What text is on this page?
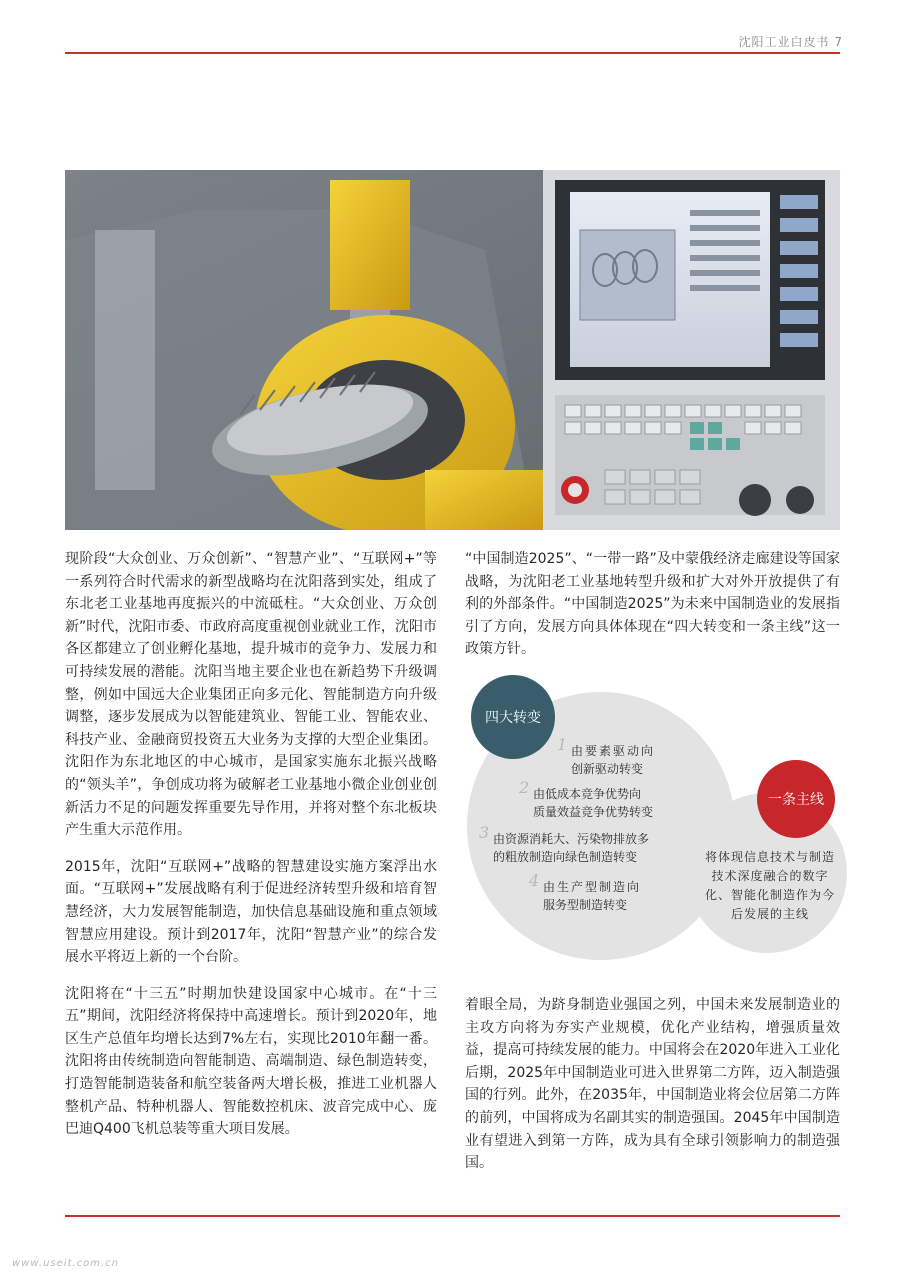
沈阳工业白皮书 7

现阶段“大众创业、万众创新”、“智慧产业”、“互联网+”等一系列符合时代需求的新型战略均在沈阳落到实处，组成了东北老工业基地再度振兴的中流砥柱。“大众创业、万众创新”时代，沈阳市委、市政府高度重视创业就业工作，沈阳市各区都建立了创业孵化基地，提升城市的竞争力、发展力和可持续发展的潜能。沈阳当地主要企业也在新趋势下升级调整，例如中国远大企业集团正向多元化、智能制造方向升级调整，逐步发展成为以智能建筑业、智能工业、智能农业、科技产业、金融商贸投资五大业务为支撑的大型企业集团。沈阳作为东北地区的中心城市，是国家实施东北振兴战略的“领头羊”，争创成功将为破解老工业基地小微企业创业创新活力不足的问题发挥重要先导作用，并将对整个东北板块产生重大示范作用。

2015年，沈阳“互联网+”战略的智慧建设实施方案浮出水面。“互联网+”发展战略有利于促进经济转型升级和培育智慧经济，大力发展智能制造，加快信息基础设施和重点领域智慧应用建设。预计到2017年，沈阳“智慧产业”的综合发展水平将迈上新的一个台阶。

沈阳将在“十三五”时期加快建设国家中心城市。在“十三五”期间，沈阳经济将保持中高速增长。预计到2020年，地区生产总值年均增长达到7%左右，实现比2010年翻一番。沈阳将由传统制造向智能制造、高端制造、绿色制造转变，打造智能制造装备和航空装备两大增长极，推进工业机器人整机产品、特种机器人、智能数控机床、波音完成中心、庞巴迪Q400飞机总装等重大项目发展。

“中国制造2025”、“一带一路”及中蒙俄经济走廊建设等国家战略，为沈阳老工业基地转型升级和扩大对外开放提供了有利的外部条件。“中国制造2025”为未来中国制造业的发展指引了方向，发展方向具体体现在“四大转变和一条主线”这一政策方针。

四大转变
一条主线
1 由要素驱动向
创新驱动转变
2 由低成本竞争优势向
质量效益竞争优势转变
3 由资源消耗大、污染物排放多
的粗放制造向绿色制造转变
4 由生产型制造向
服务型制造转变
将体现信息技术与制造技术深度融合的数字化、智能化制造作为今后发展的主线

着眼全局，为跻身制造业强国之列，中国未来发展制造业的主攻方向将为夯实产业规模，优化产业结构，增强质量效益，提高可持续发展的能力。中国将会在2020年进入工业化后期，2025年中国制造业可进入世界第二方阵，迈入制造强国的行列。此外，在2035年，中国制造业将会位居第二方阵的前列，中国将成为名副其实的制造强国。2045年中国制造业有望进入到第一方阵，成为具有全球引领影响力的制造强国。

www.useit.com.cn
